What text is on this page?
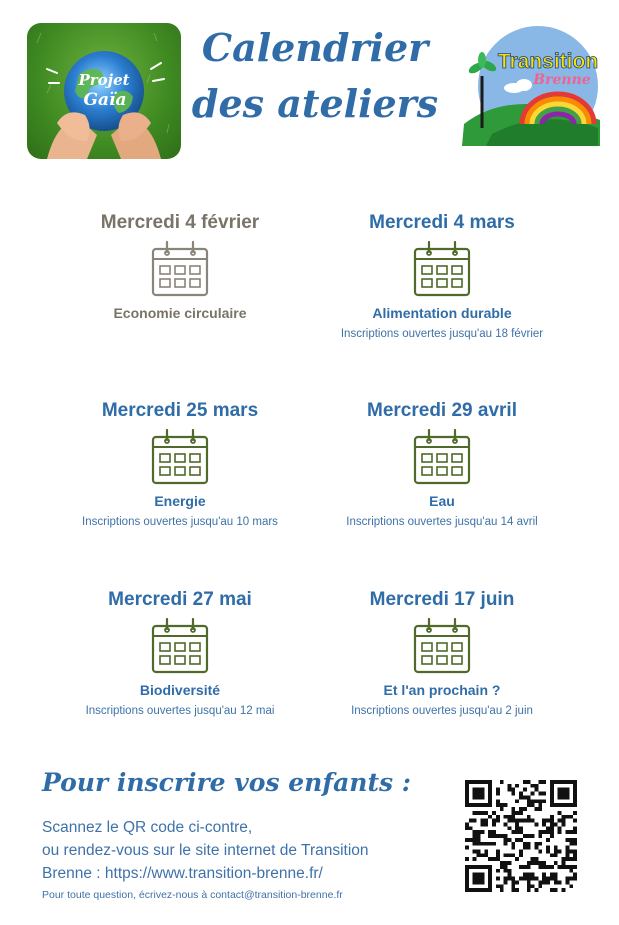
Projet
Gaïa
Calendrier
des ateliers
Transition
Brenne
Mercredi 4 février
Economie circulaire
Mercredi 4 mars
Alimentation durable
Inscriptions ouvertes jusqu'au 18 février
Mercredi 25 mars
Energie
Inscriptions ouvertes jusqu'au 10 mars
Mercredi 29 avril
Eau
Inscriptions ouvertes jusqu'au 14 avril
Mercredi 27 mai
Biodiversité
Inscriptions ouvertes jusqu'au 12 mai
Mercredi 17 juin
Et l'an prochain ?
Inscriptions ouvertes jusqu'au 2 juin
Pour inscrire vos enfants :
Scannez le QR code ci-contre,
ou rendez-vous sur le site internet de Transition
Brenne : https://www.transition-brenne.fr/
Pour toute question, écrivez-nous à contact@transition-brenne.fr
